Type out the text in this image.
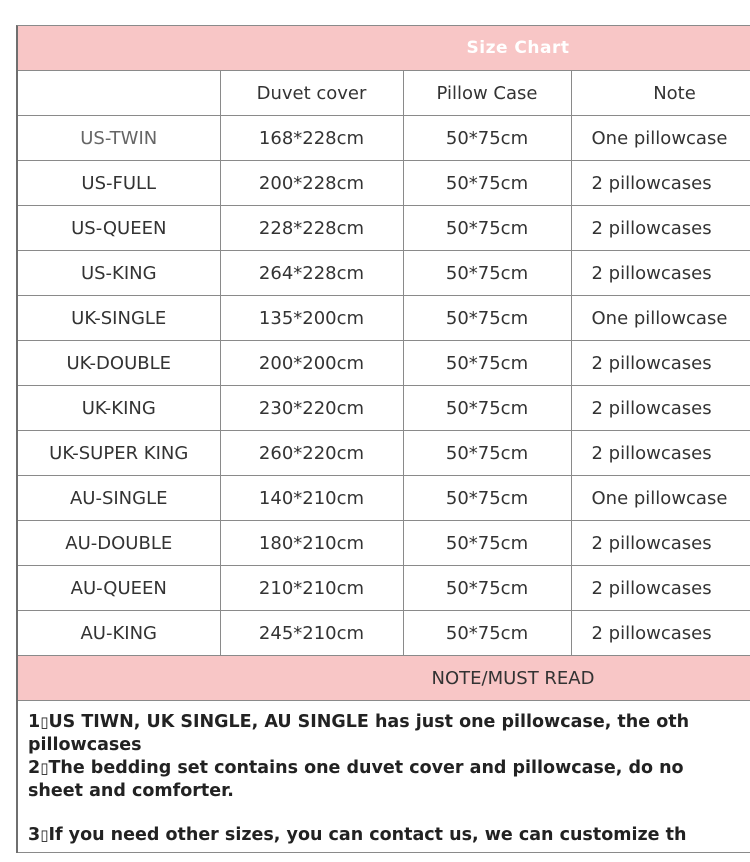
Size Chart
	Duvet cover	Pillow Case	Note
US-TWIN	168*228cm	50*75cm	One pillowcase
US-FULL	200*228cm	50*75cm	2 pillowcases
US-QUEEN	228*228cm	50*75cm	2 pillowcases
US-KING	264*228cm	50*75cm	2 pillowcases
UK-SINGLE	135*200cm	50*75cm	One pillowcase
UK-DOUBLE	200*200cm	50*75cm	2 pillowcases
UK-KING	230*220cm	50*75cm	2 pillowcases
UK-SUPER KING	260*220cm	50*75cm	2 pillowcases
AU-SINGLE	140*210cm	50*75cm	One pillowcase
AU-DOUBLE	180*210cm	50*75cm	2 pillowcases
AU-QUEEN	210*210cm	50*75cm	2 pillowcases
AU-KING	245*210cm	50*75cm	2 pillowcases
NOTE/MUST READ

1▯US TIWN, UK SINGLE, AU SINGLE has just one pillowcase, the oth

pillowcases

2▯The bedding set contains one duvet cover and pillowcase, do no

sheet and comforter.

3▯If you need other sizes, you can contact us, we can customize th
